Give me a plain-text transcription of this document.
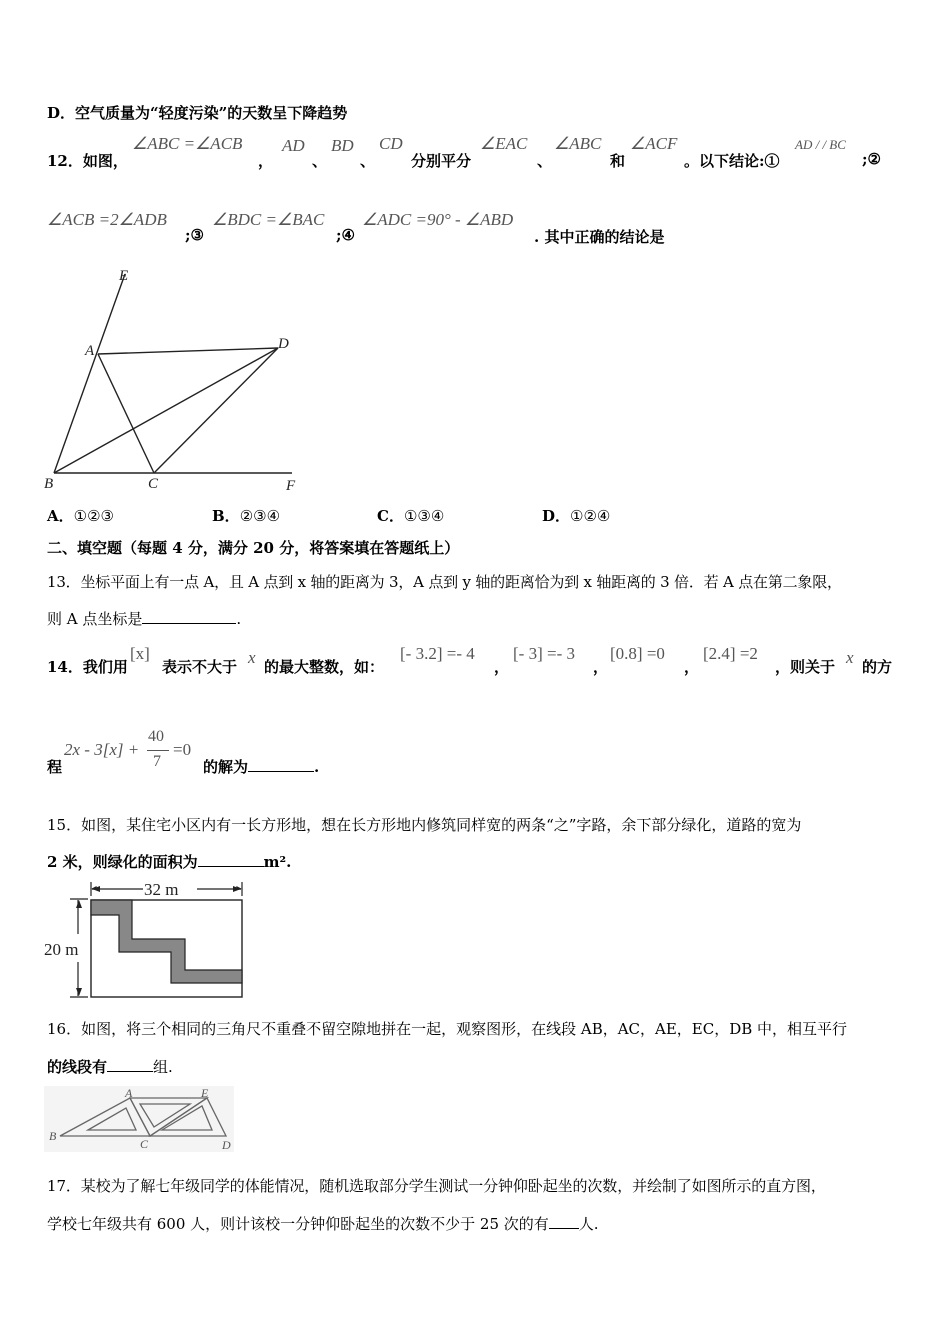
D．空气质量为“轻度污染”的天数呈下降趋势
12．如图，
∠ABC =∠ACB
，
AD
、
BD
、
CD
分别平分
∠EAC
、
∠ABC
和
∠ACF
。以下结论:①
AD / / BC
;②
∠ACB =2∠ADB
;③
∠BDC =∠BAC
;④
∠ADC =90° - ∠ABD
. 其中正确的结论是
E
A	D
B	C	F
A．①②③	B．②③④	C．①③④	D．①②④
二、填空题（每题 4 分，满分 20 分，将答案填在答题纸上）
13．坐标平面上有一点 A，且 A 点到 x 轴的距离为 3，A 点到 y 轴的距离恰为到 x 轴距离的 3 倍．若 A 点在第二象限，
则 A 点坐标是	.
14．我们用
[x]
表示不大于 x 的最大整数，如：
[- 3.2] =- 4
，
[- 3] =- 3
，
[0.8] =0
，
[2.4] =2
，则关于 x 的方
程
2x - 3[x] +
40
7
=0
的解为	.
15．如图，某住宅小区内有一长方形地，想在长方形地内修筑同样宽的两条“之”字路，余下部分绿化，道路的宽为
2 米，则绿化的面积为	m².
32 m
20 m
16．如图，将三个相同的三角尺不重叠不留空隙地拼在一起，观察图形，在线段 AB，AC，AE，EC，DB 中，相互平行
的线段有	组.
A	E
B
C	D
17．某校为了解七年级同学的体能情况，随机选取部分学生测试一分钟仰卧起坐的次数，并绘制了如图所示的直方图，
学校七年级共有 600 人，则计该校一分钟仰卧起坐的次数不少于 25 次的有 人.
